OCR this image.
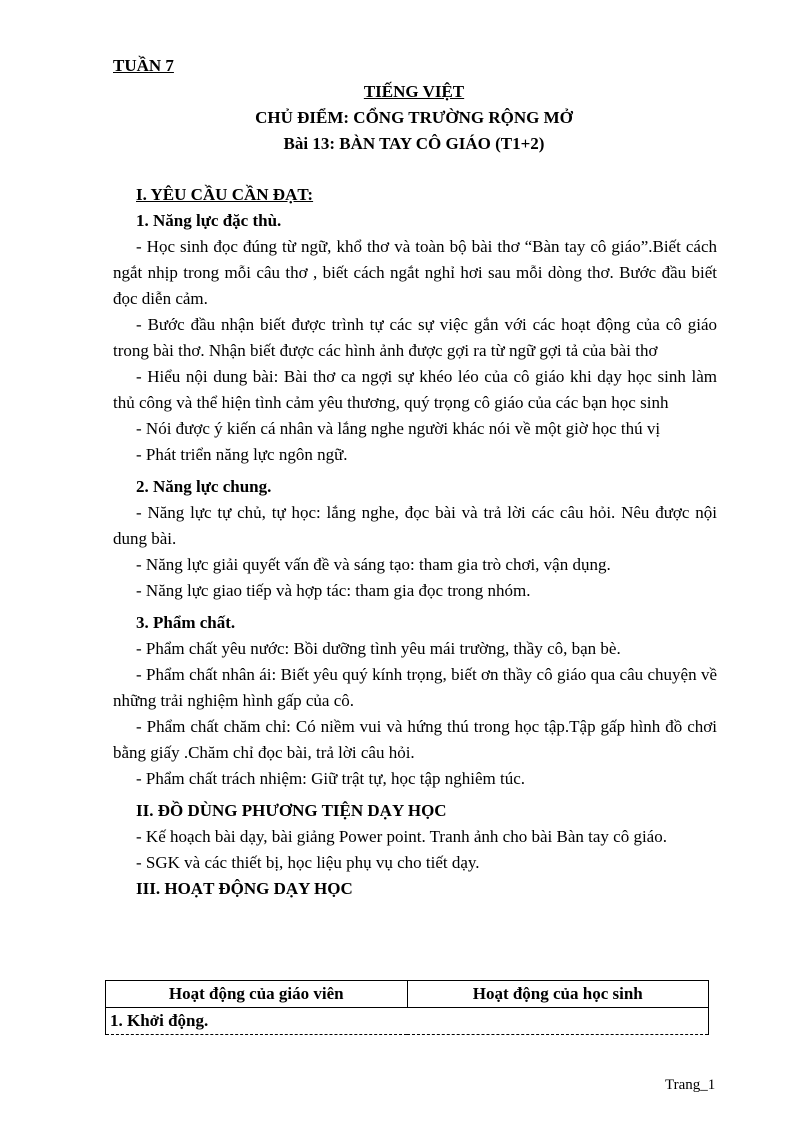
TUẦN 7
TIẾNG VIỆT
CHỦ ĐIỂM: CỔNG TRƯỜNG RỘNG MỞ
Bài 13: BÀN TAY CÔ GIÁO (T1+2)

I. YÊU CẦU CẦN ĐẠT:

1. Năng lực đặc thù.

- Học sinh đọc đúng từ ngữ, khổ thơ và toàn bộ bài thơ “Bàn tay cô giáo”.Biết cách ngắt nhịp trong mỗi câu thơ , biết cách ngắt nghỉ hơi sau mỗi dòng thơ. Bước đầu biết đọc diễn cảm.

- Bước đầu nhận biết được trình tự các sự việc gắn với các hoạt động của cô giáo trong bài thơ. Nhận biết được các hình ảnh được gợi ra từ ngữ gợi tả của bài thơ

- Hiểu nội dung bài: Bài thơ ca ngợi sự khéo léo của cô giáo khi dạy học sinh làm thủ công và thể hiện tình cảm yêu thương, quý trọng cô giáo của các bạn học sinh

- Nói được ý kiến cá nhân và lắng nghe người khác nói về một giờ học thú vị

- Phát triển năng lực ngôn ngữ.

2. Năng lực chung.

- Năng lực tự chủ, tự học: lắng nghe, đọc bài và trả lời các câu hỏi. Nêu được nội dung bài.

- Năng lực giải quyết vấn đề và sáng tạo: tham gia trò chơi, vận dụng.

- Năng lực giao tiếp và hợp tác: tham gia đọc trong nhóm.

3. Phẩm chất.

- Phẩm chất yêu nước: Bồi dưỡng tình yêu mái trường, thầy cô, bạn bè.

- Phẩm chất nhân ái: Biết yêu quý kính trọng, biết ơn thầy cô giáo qua câu chuyện về những trải nghiệm hình gấp của cô.

- Phẩm chất chăm chỉ: Có niềm vui và hứng thú trong học tập.Tập gấp hình đồ chơi bằng giấy .Chăm chỉ đọc bài, trả lời câu hỏi.

- Phẩm chất trách nhiệm: Giữ trật tự, học tập nghiêm túc.

II. ĐỒ DÙNG PHƯƠNG TIỆN DẠY HỌC

- Kế hoạch bài dạy, bài giảng Power point. Tranh ảnh cho bài Bàn tay cô giáo.

- SGK và các thiết bị, học liệu phụ vụ cho tiết dạy.

III. HOẠT ĐỘNG DẠY HỌC

Hoạt động của giáo viên	Hoạt động của học sinh
1. Khởi động.
Trang_1
